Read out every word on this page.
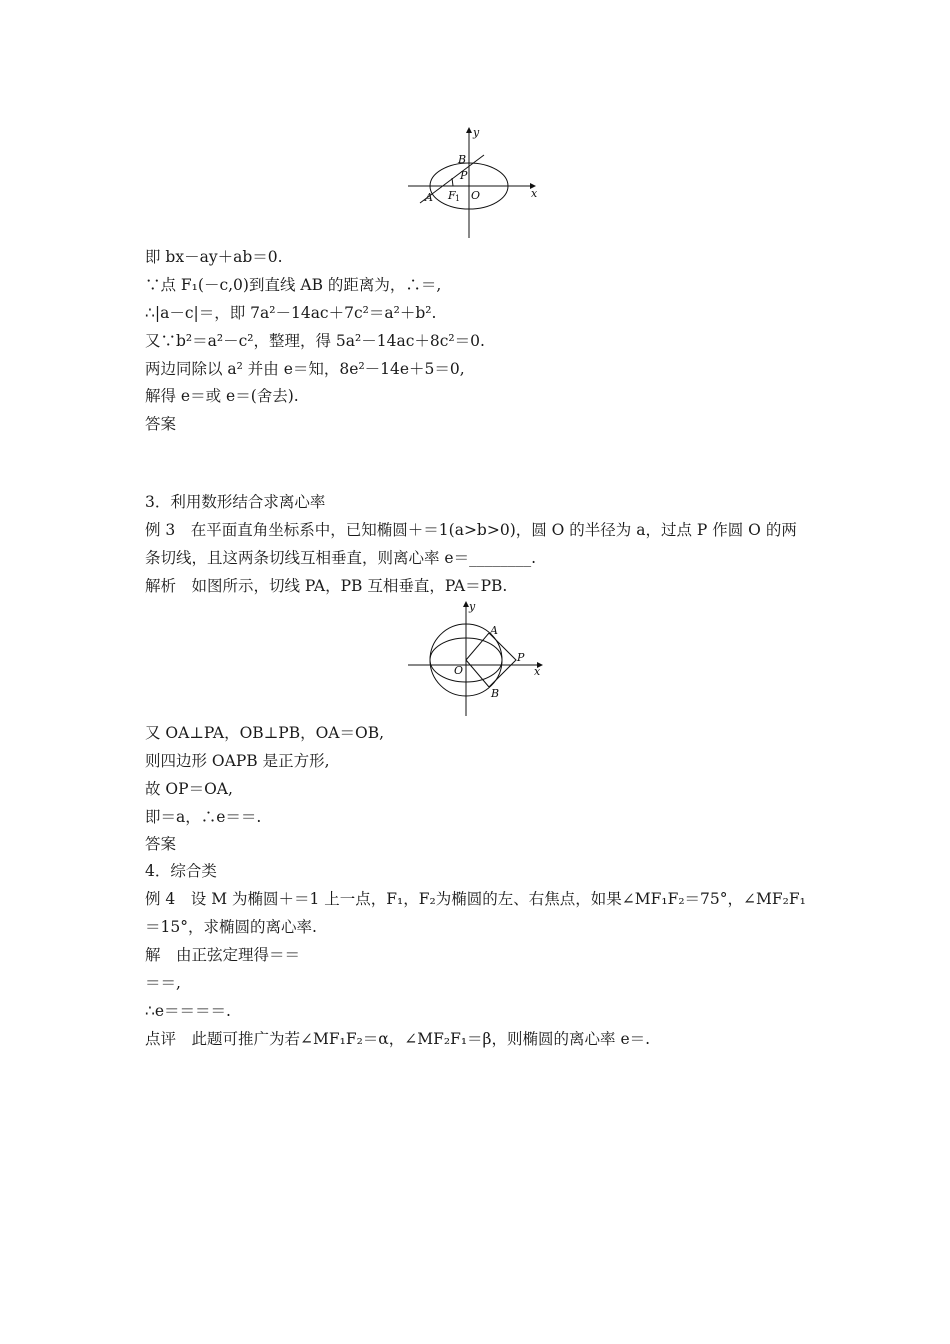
y
x
B
P
A F 1 O
y
x
A
P
O
B
即 bx－ay＋ab＝0.
∵点 F₁(－c,0)到直线 AB 的距离为，∴＝,
∴|a－c|＝，即 7a²－14ac＋7c²＝a²＋b².
又∵b²＝a²－c²，整理，得 5a²－14ac＋8c²＝0.
两边同除以 a² 并由 e＝知，8e²－14e＋5＝0,
解得 e＝或 e＝(舍去).
答案
3．利用数形结合求离心率
例 3　在平面直角坐标系中，已知椭圆＋＝1(a>b>0)，圆 O 的半径为 a，过点 P 作圆 O 的两
条切线，且这两条切线互相垂直，则离心率 e＝________.
解析　如图所示，切线 PA，PB 互相垂直，PA＝PB.
又 OA⊥PA，OB⊥PB，OA＝OB,
则四边形 OAPB 是正方形,
故 OP＝OA,
即＝a，∴e＝＝.
答案
4．综合类
例 4　设 M 为椭圆＋＝1 上一点，F₁，F₂为椭圆的左、右焦点，如果∠MF₁F₂＝75°，∠MF₂F₁
＝15°，求椭圆的离心率.
解　由正弦定理得＝＝
＝＝,
∴e＝＝＝＝.
点评　此题可推广为若∠MF₁F₂＝α，∠MF₂F₁＝β，则椭圆的离心率 e＝.
